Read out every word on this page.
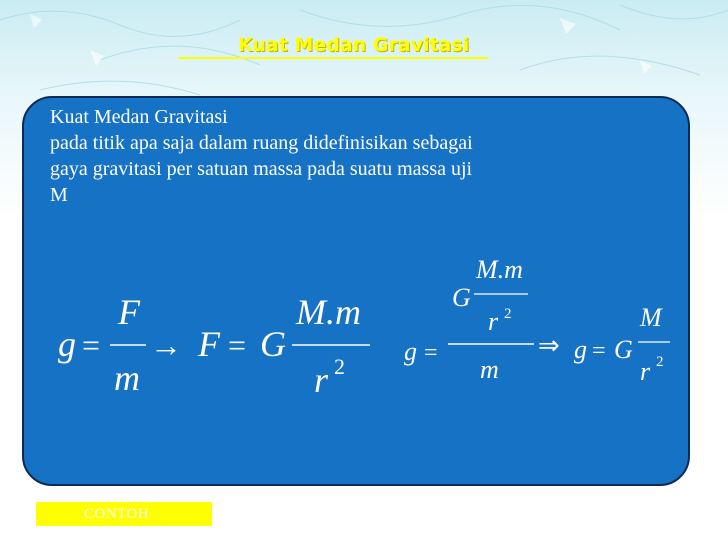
Kuat Medan Gravitasi
Kuat Medan Gravitasi
pada titik apa saja dalam ruang didefinisikan sebagai
gaya gravitasi per satuan massa pada suatu massa uji
M
g =
F
m
→ F = G
M.m
r 2
g =
G
M.m
r 2
m
⇒ g = G
M
r 2
CONTOH
